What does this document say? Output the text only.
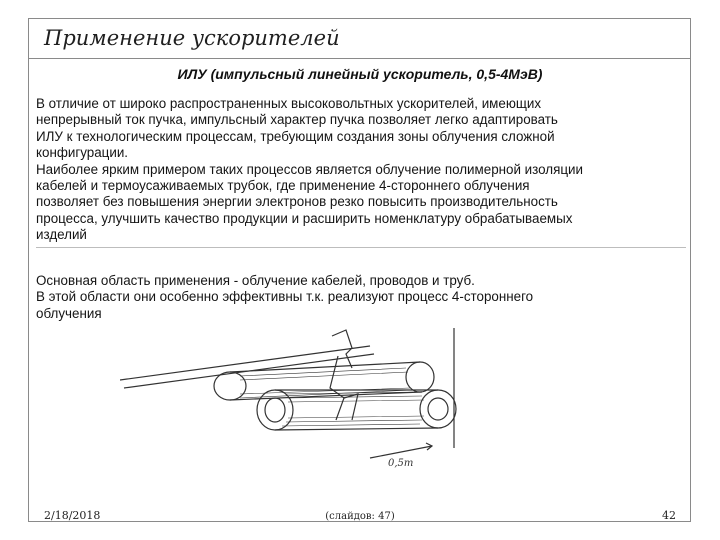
Применение ускорителей
ИЛУ (импульсный линейный ускоритель, 0,5-4МэВ)
В отличие от широко распространенных высоковольтных ускорителей, имеющих
непрерывный ток пучка, импульсный характер пучка позволяет легко адаптировать
ИЛУ к технологическим процессам, требующим создания зоны облучения сложной
конфигурации.
Наиболее ярким примером таких процессов является облучение полимерной изоляции
кабелей и термоусаживаемых трубок, где применение 4-стороннего облучения
позволяет без повышения энергии электронов резко повысить производительность
процесса, улучшить качество продукции и расширить номенклатуру обрабатываемых
изделий
Основная область применения - облучение кабелей, проводов и труб.
В этой области они особенно эффективны т.к. реализуют процесс 4-стороннего
облучения
0,5m
2/18/2018	(слайдов: 47)	42
